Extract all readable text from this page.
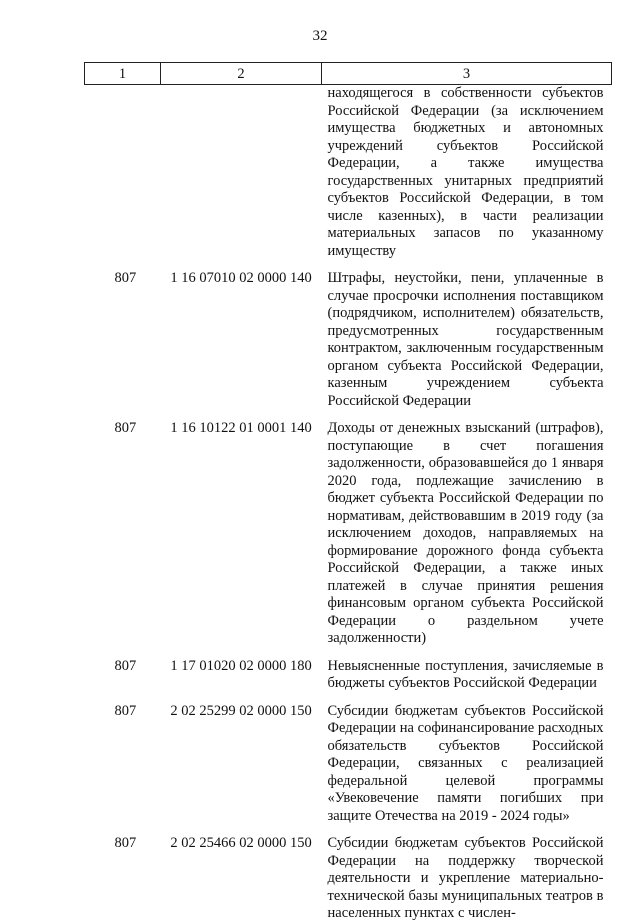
32
1	2	3
		находящегося в собственности субъектов Российской Федерации (за исключением имущества бюджетных и автономных учреждений субъектов Российской Федерации, а также имущества государственных унитарных предприятий субъектов Российской Федерации, в том числе казенных), в части реализации материальных запасов по указанному имуществу
807	1 16 07010 02 0000 140	Штрафы, неустойки, пени, уплаченные в случае просрочки исполнения поставщиком (подрядчиком, исполнителем) обязательств, предусмотренных государственным контрактом, заключенным государственным органом субъекта Российской Федерации, казенным учреждением субъекта Российской Федерации
807	1 16 10122 01 0001 140	Доходы от денежных взысканий (штрафов), поступающие в счет погашения задолженности, образовавшейся до 1 января 2020 года, подлежащие зачислению в бюджет субъекта Российской Федерации по нормативам, действовавшим в 2019 году (за исключением доходов, направляемых на формирование дорожного фонда субъекта Российской Федерации, а также иных платежей в случае принятия решения финансовым органом субъекта Российской Федерации о раздельном учете задолженности)
807	1 17 01020 02 0000 180	Невыясненные поступления, зачисляемые в бюджеты субъектов Российской Федерации
807	2 02 25299 02 0000 150	Субсидии бюджетам субъектов Российской Федерации на софинансирование расходных обязательств субъектов Российской Федерации, связанных с реализацией федеральной целевой программы «Увековечение памяти погибших при защите Отечества на 2019 - 2024 годы»
807	2 02 25466 02 0000 150	Субсидии бюджетам субъектов Российской Федерации на поддержку творческой деятельности и укрепление материально-технической базы муниципальных театров в населенных пунктах с числен-
